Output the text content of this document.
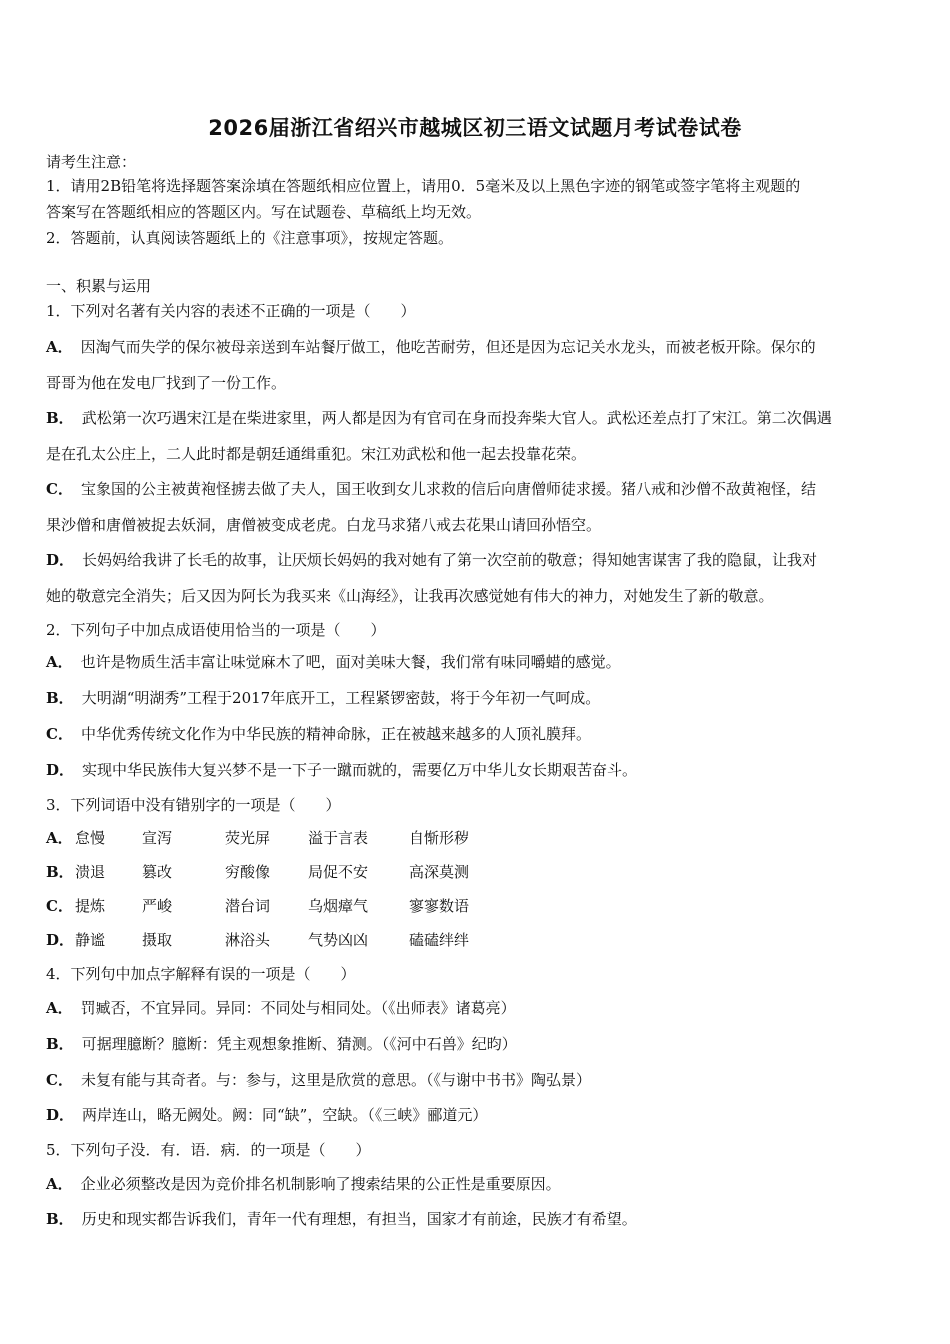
2026届浙江省绍兴市越城区初三语文试题月考试卷试卷
请考生注意：
1．请用2B铅笔将选择题答案涂填在答题纸相应位置上，请用0．5毫米及以上黑色字迹的钢笔或签字笔将主观题的
答案写在答题纸相应的答题区内。写在试题卷、草稿纸上均无效。
2．答题前，认真阅读答题纸上的《注意事项》，按规定答题。
一、积累与运用
1．下列对名著有关内容的表述不正确的一项是（　　）
A． 因淘气而失学的保尔被母亲送到车站餐厅做工，他吃苦耐劳，但还是因为忘记关水龙头，而被老板开除。保尔的
哥哥为他在发电厂找到了一份工作。
B． 武松第一次巧遇宋江是在柴进家里，两人都是因为有官司在身而投奔柴大官人。武松还差点打了宋江。第二次偶遇
是在孔太公庄上，二人此时都是朝廷通缉重犯。宋江劝武松和他一起去投靠花荣。
C． 宝象国的公主被黄袍怪掳去做了夫人，国王收到女儿求救的信后向唐僧师徒求援。猪八戒和沙僧不敌黄袍怪，结
果沙僧和唐僧被捉去妖洞，唐僧被变成老虎。白龙马求猪八戒去花果山请回孙悟空。
D． 长妈妈给我讲了长毛的故事，让厌烦长妈妈的我对她有了第一次空前的敬意；得知她害谋害了我的隐鼠，让我对
她的敬意完全消失；后又因为阿长为我买来《山海经》，让我再次感觉她有伟大的神力，对她发生了新的敬意。
2．下列句子中加点成语使用恰当的一项是（　　）
A． 也许是物质生活丰富让味觉麻木了吧，面对美味大餐，我们常有味同嚼蜡的感觉。
B． 大明湖“明湖秀”工程于2017年底开工，工程紧锣密鼓，将于今年初一气呵成。
C． 中华优秀传统文化作为中华民族的精神命脉，正在被越来越多的人顶礼膜拜。
D． 实现中华民族伟大复兴梦不是一下子一蹴而就的，需要亿万中华儿女长期艰苦奋斗。
3．下列词语中没有错别字的一项是（　　）
A． 怠慢 宣泻	荧光屏	溢于言表	自惭形秽
B．溃退 篡改	穷酸像	局促不安	高深莫测
C． 提炼 严峻	潜台词	乌烟瘴气	寥寥数语
D．静谧 摄取	淋浴头	气势凶凶	磕磕绊绊
4．下列句中加点字解释有误的一项是（　　）
A． 罚臧否，不宜异同。异同：不同处与相同处。（《出师表》诸葛亮）
B． 可据理臆断？臆断：凭主观想象推断、猜测。（《河中石兽》纪昀）
C． 未复有能与其奇者。与：参与，这里是欣赏的意思。（《与谢中书书》陶弘景）
D． 两岸连山，略无阙处。阙：同“缺”，空缺。（《三峡》郦道元）
5．下列句子没．有．语．病．的一项是（　　）
A． 企业必须整改是因为竞价排名机制影响了搜索结果的公正性是重要原因。
B． 历史和现实都告诉我们，青年一代有理想，有担当，国家才有前途，民族才有希望。
